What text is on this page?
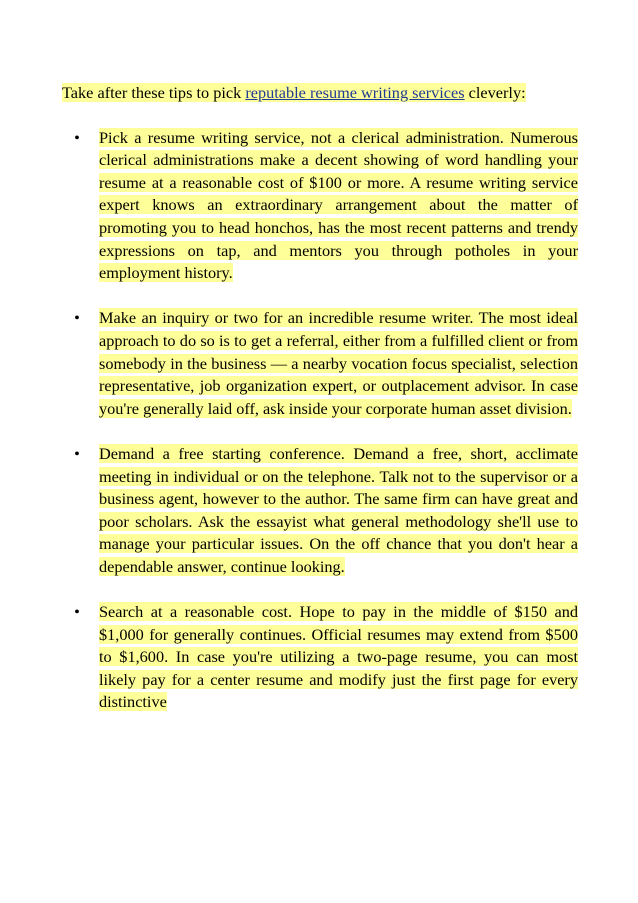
Take after these tips to pick reputable resume writing services cleverly:

• Pick a resume writing service, not a clerical administration. Numerous clerical administrations make a decent showing of word handling your resume at a reasonable cost of $100 or more. A resume writing service expert knows an extraordinary arrangement about the matter of promoting you to head honchos, has the most recent patterns and trendy expressions on tap, and mentors you through potholes in your employment history.
• Make an inquiry or two for an incredible resume writer. The most ideal approach to do so is to get a referral, either from a fulfilled client or from somebody in the business — a nearby vocation focus specialist, selection representative, job organization expert, or outplacement advisor. In case you're generally laid off, ask inside your corporate human asset division.
• Demand a free starting conference. Demand a free, short, acclimate meeting in individual or on the telephone. Talk not to the supervisor or a business agent, however to the author. The same firm can have great and poor scholars. Ask the essayist what general methodology she'll use to manage your particular issues. On the off chance that you don't hear a dependable answer, continue looking.
• Search at a reasonable cost. Hope to pay in the middle of $150 and $1,000 for generally continues. Official resumes may extend from $500 to $1,600. In case you're utilizing a two-page resume, you can most likely pay for a center resume and modify just the first page for every distinctive
